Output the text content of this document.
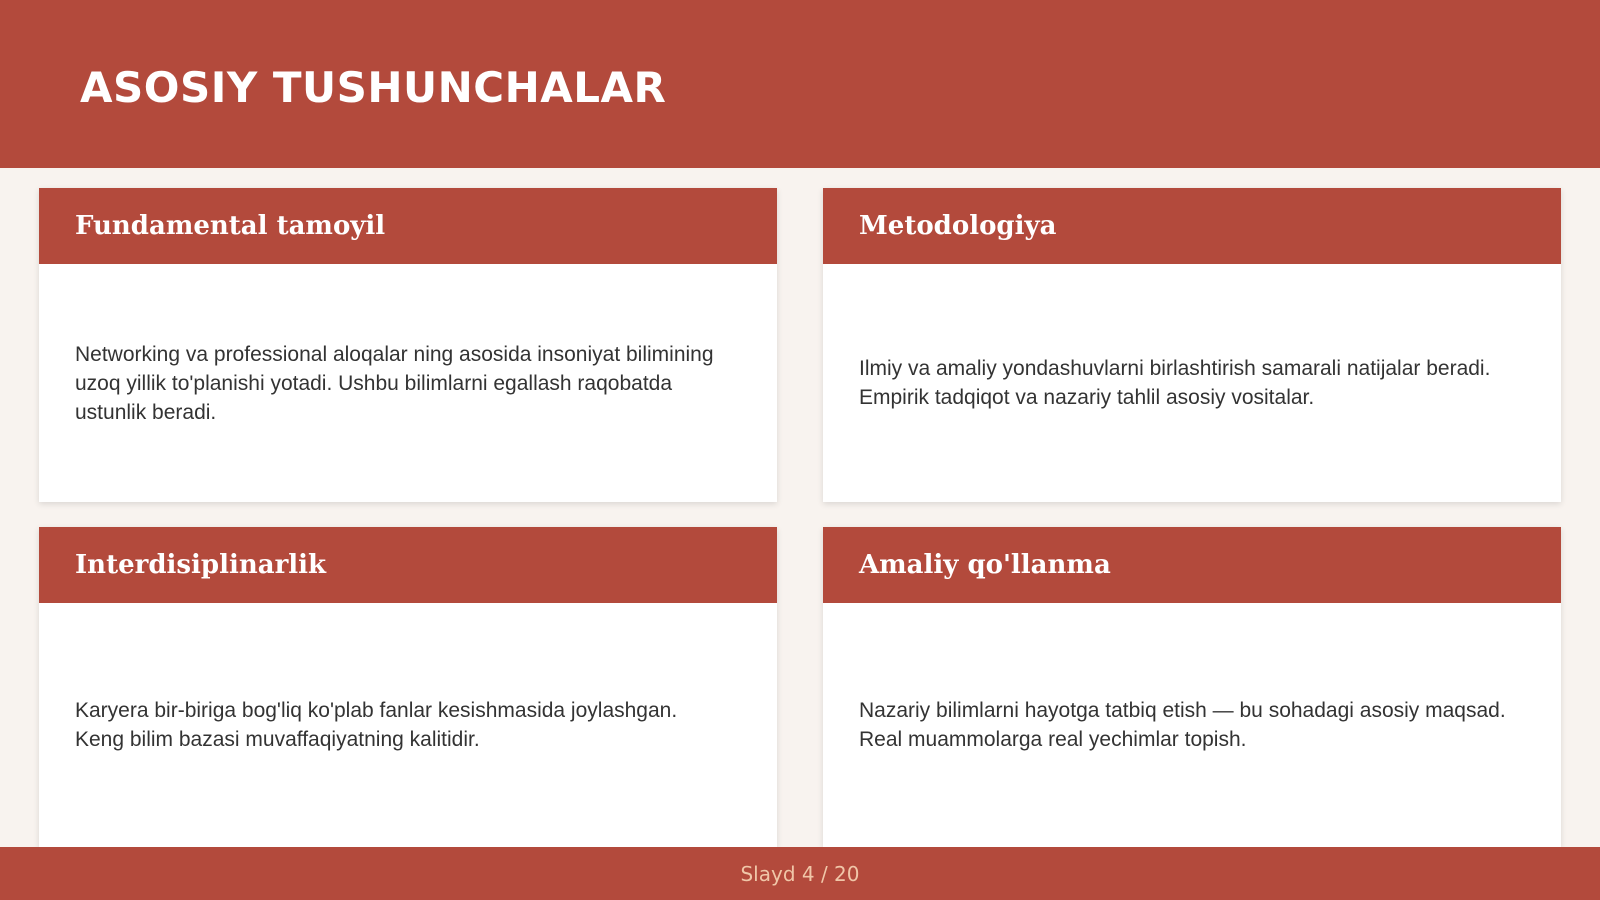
ASOSIY TUSHUNCHALAR
Fundamental tamoyil

Networking va professional aloqalar ning asosida insoniyat bilimining uzoq yillik to'planishi yotadi. Ushbu bilimlarni egallash raqobatda ustunlik beradi.

Metodologiya

Ilmiy va amaliy yondashuvlarni birlashtirish samarali natijalar beradi. Empirik tadqiqot va nazariy tahlil asosiy vositalar.

Interdisiplinarlik

Karyera bir-biriga bog'liq ko'plab fanlar kesishmasida joylashgan. Keng bilim bazasi muvaffaqiyatning kalitidir.

Amaliy qo'llanma

Nazariy bilimlarni hayotga tatbiq etish — bu sohadagi asosiy maqsad. Real muammolarga real yechimlar topish.

Slayd 4 / 20
